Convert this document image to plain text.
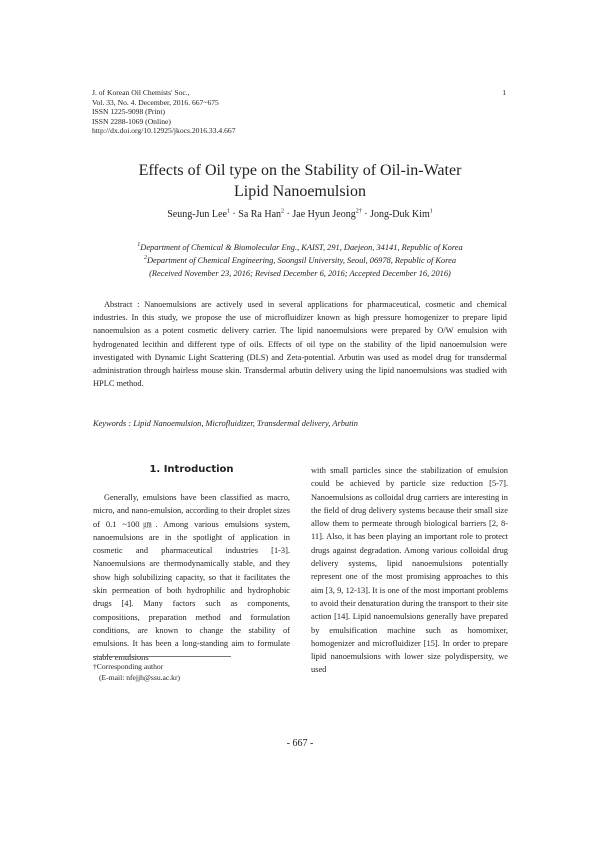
J. of Korean Oil Chemists' Soc.,
Vol. 33, No. 4. December, 2016. 667~675
ISSN 1225-9098 (Print)
ISSN 2288-1069 (Online)
http://dx.doi.org/10.12925/jkocs.2016.33.4.667
1
Effects of Oil type on the Stability of Oil-in-Water
Lipid Nanoemulsion
Seung-Jun Lee$^1$ · Sa Ra Han$^2$ · Jae Hyun Jeong$^{2\dagger}$ · Jong-Duk Kim$^1$
$^1$Department of Chemical & Biomolecular Eng., KAIST, 291, Daejeon, 34141, Republic of Korea
$^2$Department of Chemical Engineering, Soongsil University, Seoul, 06978, Republic of Korea
(Received November 23, 2016; Revised December 6, 2016; Accepted December 16, 2016)
Abstract : Nanoemulsions are actively used in several applications for pharmaceutical, cosmetic and chemical industries. In this study, we propose the use of microfluidizer known as high pressure homogenizer to prepare lipid nanoemulsion as a potent cosmetic delivery carrier. The lipid nanoemulsions were prepared by O/W emulsion with hydrogenated lecithin and different type of oils. Effects of oil type on the stability of the lipid nanoemulsion were investigated with Dynamic Light Scattering (DLS) and Zeta-potential. Arbutin was used as model drug for transdermal administration through hairless mouse skin. Transdermal arbutin delivery using the lipid nanoemulsions was studied with HPLC method.
Keywords : Lipid Nanoemulsion, Microfluidizer, Transdermal delivery, Arbutin
1. Introduction

Generally, emulsions have been classified as macro, micro, and nano-emulsion, according to their droplet sizes of 0.1 ~100㎛. Among various emulsions system, nanoemulsions are in the spotlight of application in cosmetic and pharmaceutical industries [1-3]. Nanoemulsions are thermodynamically stable, and they show high solubilizing capacity, so that it facilitates the skin permeation of both hydrophilic and hydrophobic drugs [4]. Many factors such as components, compositions, preparation method and formulation conditions, are known to change the stability of emulsions. It has been a long-standing aim to formulate stable emulsions

with small particles since the stabilization of emulsion could be achieved by particle size reduction [5-7]. Nanoemulsions as colloidal drug carriers are interesting in the field of drug delivery systems because their small size allow them to permeate through biological barriers [2, 8-11]. Also, it has been playing an important role to protect drugs against degradation. Among various colloidal drug delivery systems, lipid nanoemulsions potentially represent one of the most promising approaches to this aim [3, 9, 12-13]. It is one of the most important problems to avoid their denaturation during the transport to their site action [14]. Lipid nanoemulsions generally have prepared by emulsification machine such as homomixer, homogenizer and microfluidizer [15]. In order to prepare lipid nanoemulsions with lower size polydispersity, we used

†Corresponding author
(E-mail: nfejjh@ssu.ac.kr)
- 667 -
